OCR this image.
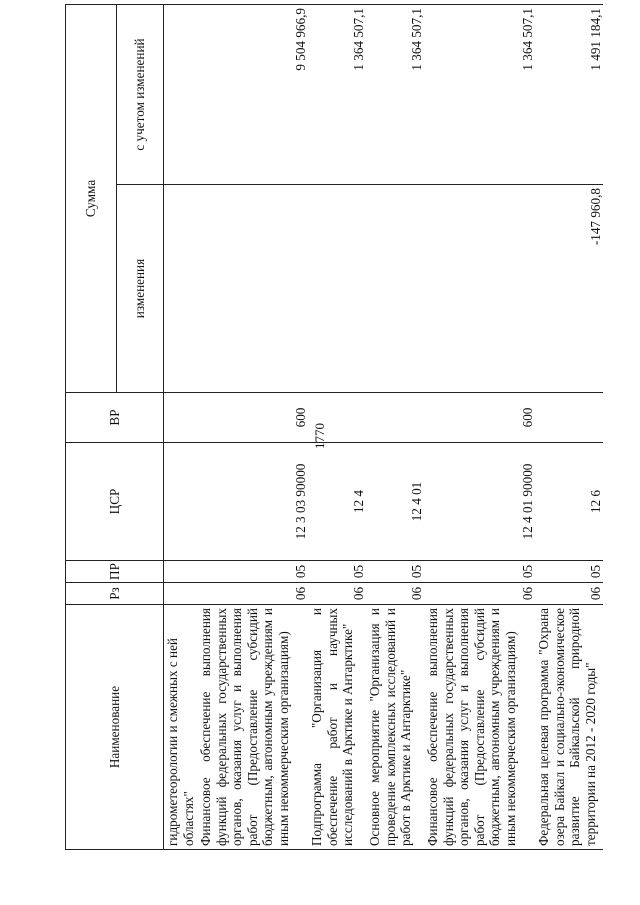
1770
Наименование	Рз	ПР	ЦСР	ВР	Сумма	
					изменения	с учетом изменений
гидрометеорологии и смежных с ней областях"						
Финансовое обеспечение выполнения функций федеральных государственных органов, оказания услуг и выполнения работ (Предоставление субсидий бюджетным, автономным учреждениям и иным некоммерческим организациям)	06	05	12 3 03 90000	600		9 504 966,9
Подпрограмма "Организация и обеспечение работ и научных исследований в Арктике и Антарктике"	06	05	12 4			1 364 507,1
Основное мероприятие "Организация и проведение комплексных исследований и работ в Арктике и Антарктике"	06	05	12 4 01			1 364 507,1
Финансовое обеспечение выполнения функций федеральных государственных органов, оказания услуг и выполнения работ (Предоставление субсидий бюджетным, автономным учреждениям и иным некоммерческим организациям)	06	05	12 4 01 90000	600		1 364 507,1
Федеральная целевая программа "Охрана озера Байкал и социально-экономическое развитие Байкальской природной территории на 2012 - 2020 годы"	06	05	12 6		-147 960,8	1 491 184,1
